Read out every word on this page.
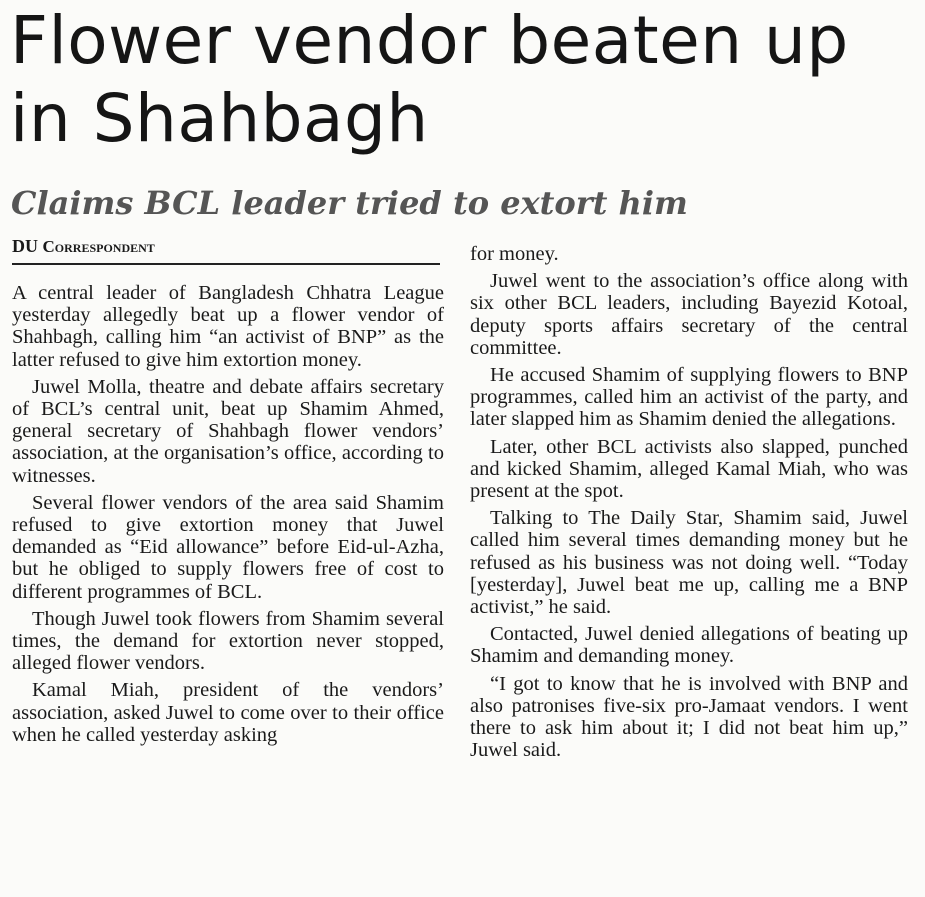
Flower vendor beaten up in Shahbagh
Claims BCL leader tried to extort him
DU Correspondent

A central leader of Bangladesh Chhatra League yesterday allegedly beat up a flower vendor of Shahbagh, calling him “an activist of BNP” as the latter refused to give him extortion money.

Juwel Molla, theatre and debate affairs secretary of BCL’s central unit, beat up Shamim Ahmed, general secretary of Shahbagh flower vendors’ association, at the organisation’s office, according to witnesses.

Several flower vendors of the area said Shamim refused to give extortion money that Juwel demanded as “Eid allowance” before Eid-ul-Azha, but he obliged to supply flowers free of cost to different programmes of BCL.

Though Juwel took flowers from Shamim several times, the demand for extortion never stopped, alleged flower vendors.

Kamal Miah, president of the vendors’ association, asked Juwel to come over to their office when he called yesterday asking

for money.

Juwel went to the association’s office along with six other BCL leaders, including Bayezid Kotoal, deputy sports affairs secretary of the central committee.

He accused Shamim of supplying flowers to BNP programmes, called him an activist of the party, and later slapped him as Shamim denied the allegations.

Later, other BCL activists also slapped, punched and kicked Shamim, alleged Kamal Miah, who was present at the spot.

Talking to The Daily Star, Shamim said, Juwel called him several times demanding money but he refused as his business was not doing well. “Today [yesterday], Juwel beat me up, calling me a BNP activist,” he said.

Contacted, Juwel denied allegations of beating up Shamim and demanding money.

“I got to know that he is involved with BNP and also patronises five-six pro-Jamaat vendors. I went there to ask him about it; I did not beat him up,” Juwel said.
